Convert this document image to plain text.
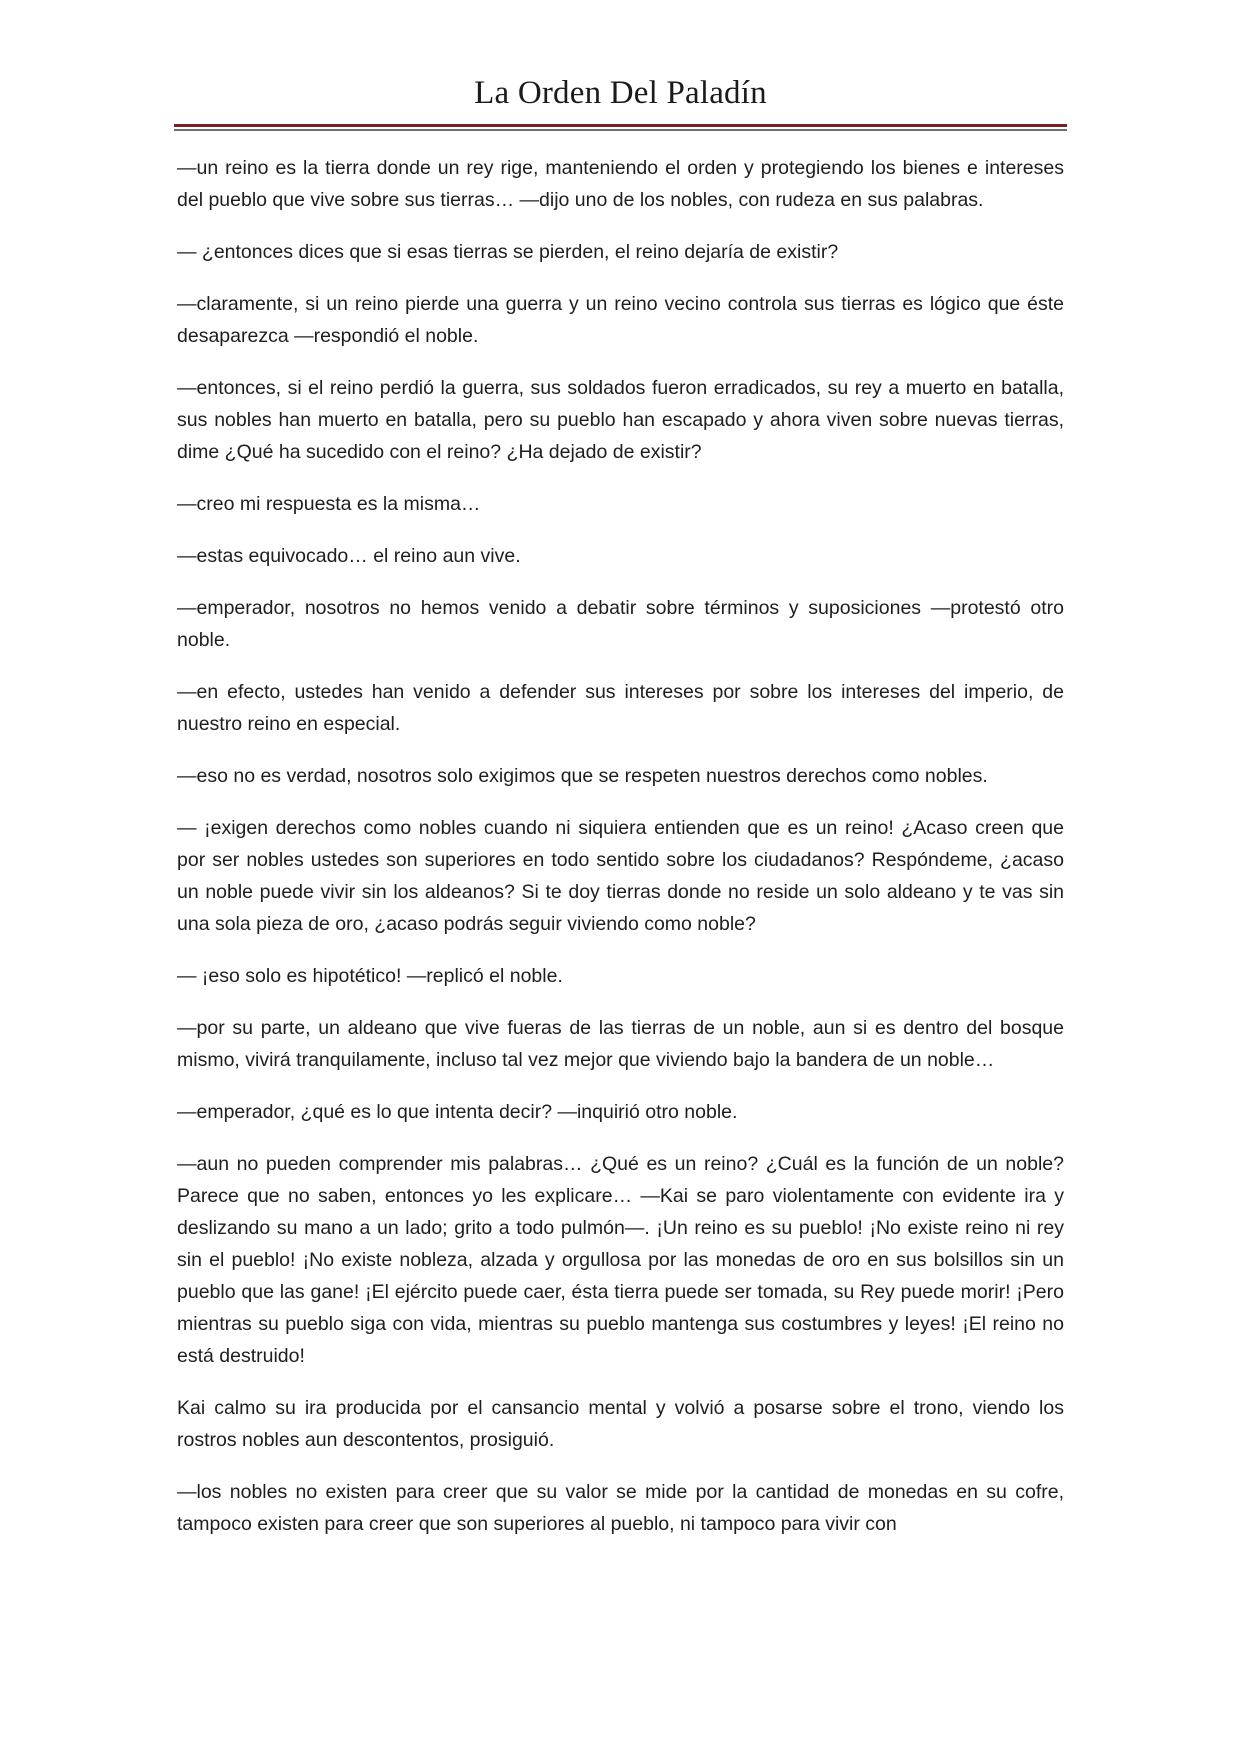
La Orden Del Paladín

—un reino es la tierra donde un rey rige, manteniendo el orden y protegiendo los bienes e intereses del pueblo que vive sobre sus tierras… —dijo uno de los nobles, con rudeza en sus palabras.

— ¿entonces dices que si esas tierras se pierden, el reino dejaría de existir?

—claramente, si un reino pierde una guerra y un reino vecino controla sus tierras es lógico que éste desaparezca —respondió el noble.

—entonces, si el reino perdió la guerra, sus soldados fueron erradicados, su rey a muerto en batalla, sus nobles han muerto en batalla, pero su pueblo han escapado y ahora viven sobre nuevas tierras, dime ¿Qué ha sucedido con el reino? ¿Ha dejado de existir?

—creo mi respuesta es la misma…

—estas equivocado… el reino aun vive.

—emperador, nosotros no hemos venido a debatir sobre términos y suposiciones —protestó otro noble.

—en efecto, ustedes han venido a defender sus intereses por sobre los intereses del imperio, de nuestro reino en especial.

—eso no es verdad, nosotros solo exigimos que se respeten nuestros derechos como nobles.

— ¡exigen derechos como nobles cuando ni siquiera entienden que es un reino! ¿Acaso creen que por ser nobles ustedes son superiores en todo sentido sobre los ciudadanos? Respóndeme, ¿acaso un noble puede vivir sin los aldeanos? Si te doy tierras donde no reside un solo aldeano y te vas sin una sola pieza de oro, ¿acaso podrás seguir viviendo como noble?

— ¡eso solo es hipotético! —replicó el noble.

—por su parte, un aldeano que vive fueras de las tierras de un noble, aun si es dentro del bosque mismo, vivirá tranquilamente, incluso tal vez mejor que viviendo bajo la bandera de un noble…

—emperador, ¿qué es lo que intenta decir? —inquirió otro noble.

—aun no pueden comprender mis palabras… ¿Qué es un reino? ¿Cuál es la función de un noble? Parece que no saben, entonces yo les explicare… —Kai se paro violentamente con evidente ira y deslizando su mano a un lado; grito a todo pulmón—. ¡Un reino es su pueblo! ¡No existe reino ni rey sin el pueblo! ¡No existe nobleza, alzada y orgullosa por las monedas de oro en sus bolsillos sin un pueblo que las gane! ¡El ejército puede caer, ésta tierra puede ser tomada, su Rey puede morir! ¡Pero mientras su pueblo siga con vida, mientras su pueblo mantenga sus costumbres y leyes! ¡El reino no está destruido!

Kai calmo su ira producida por el cansancio mental y volvió a posarse sobre el trono, viendo los rostros nobles aun descontentos, prosiguió.

—los nobles no existen para creer que su valor se mide por la cantidad de monedas en su cofre, tampoco existen para creer que son superiores al pueblo, ni tampoco para vivir con
